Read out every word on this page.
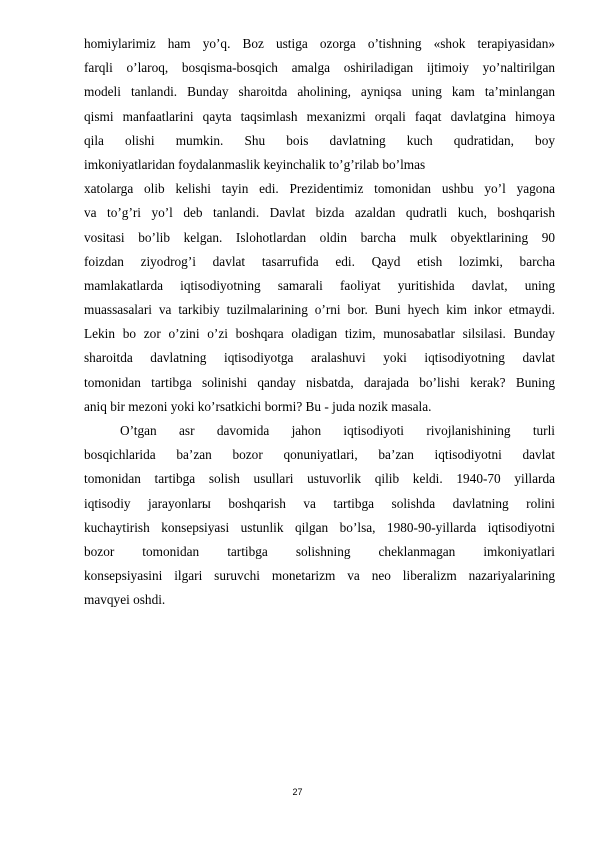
homiylarimiz ham yo’q. Boz ustiga ozorga o’tishning «shok terapiyasidan»
farqli o’laroq, bosqisma-bosqich amalga oshiriladigan ijtimoiy yo’naltirilgan
modeli tanlandi. Bunday sharoitda aholining, ayniqsa uning kam ta’minlangan
qismi manfaatlarini qayta taqsimlash mexanizmi orqali faqat davlatgina himoya
qila olishi mumkin. Shu bois davlatning kuch qudratidan, boy
imkoniyatlaridan foydalanmaslik keyinchalik to’g’rilab bo’lmas
xatolarga olib kelishi tayin edi. Prezidentimiz tomonidan ushbu yo’l yagona
va to’g’ri yo’l deb tanlandi. Davlat bizda azaldan qudratli kuch, boshqarish
vositasi bo’lib kelgan. Islohotlardan oldin barcha mulk obyektlarining 90
foizdan ziyodrog’i davlat tasarrufida edi. Qayd etish lozimki, barcha
mamlakatlarda iqtisodiyotning samarali faoliyat yuritishida davlat, uning
muassasalari va tarkibiy tuzilmalarining o’rni bor. Buni hyech kim inkor etmaydi.
Lekin bo zor o’zini o’zi boshqara oladigan tizim, munosabatlar silsilasi. Bunday
sharoitda davlatning iqtisodiyotga aralashuvi yoki iqtisodiyotning davlat
tomonidan tartibga solinishi qanday nisbatda, darajada bo’lishi kerak? Buning
aniq bir mezoni yoki ko’rsatkichi bormi? Bu - juda nozik masala.
O’tgan asr davomida jahon iqtisodiyoti rivojlanishining turli
bosqichlarida ba’zan bozor qonuniyatlari, ba’zan iqtisodiyotni davlat
tomonidan tartibga solish usullari ustuvorlik qilib keldi. 1940-70 yillarda
iqtisodiy jarayonlarы boshqarish va tartibga solishda davlatning rolini
kuchaytirish konsepsiyasi ustunlik qilgan bo’lsa, 1980-90-yillarda iqtisodiyotni
bozor tomonidan tartibga solishning cheklanmagan imkoniyatlari
konsepsiyasini ilgari suruvchi monetarizm va neo liberalizm nazariyalarining
mavqyei oshdi.
27
